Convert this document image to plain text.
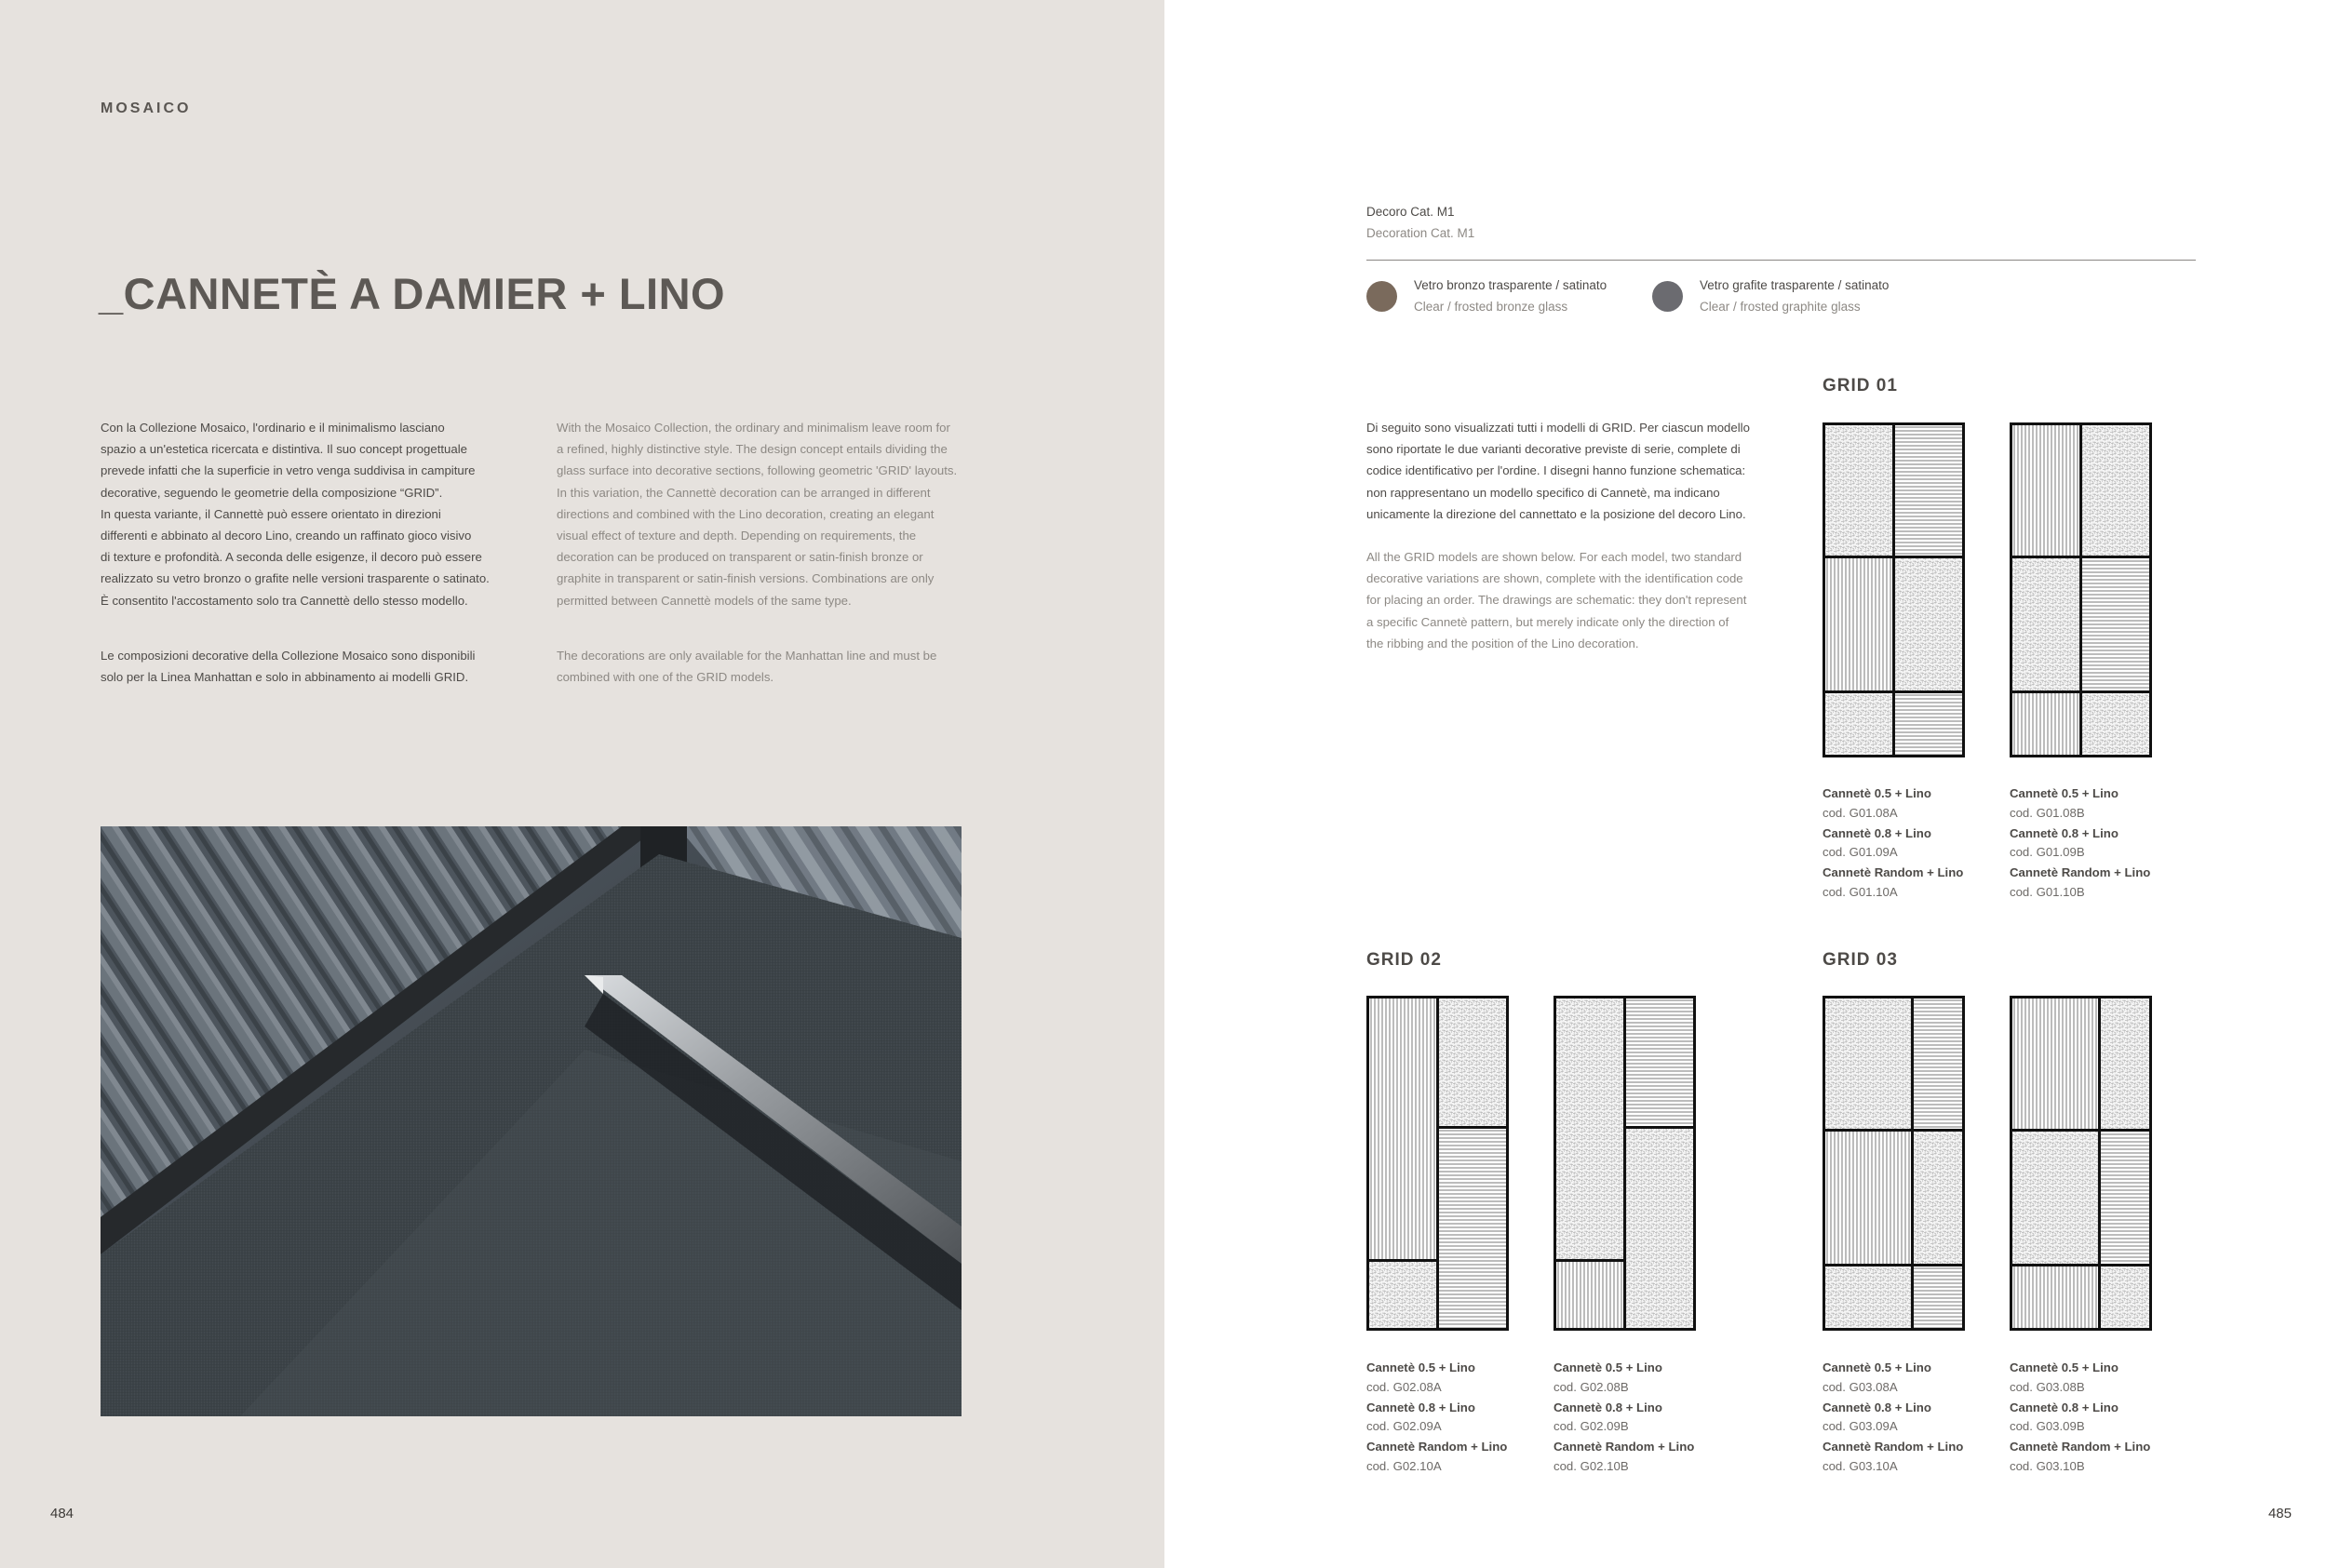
MOSAICO
_CANNETÈ A DAMIER + LINO

Con la Collezione Mosaico, l'ordinario e il minimalismo lasciano
spazio a un'estetica ricercata e distintiva. Il suo concept progettuale
prevede infatti che la superficie in vetro venga suddivisa in campiture
decorative, seguendo le geometrie della composizione “GRID”.
In questa variante, il Cannettè può essere orientato in direzioni
differenti e abbinato al decoro Lino, creando un raffinato gioco visivo
di texture e profondità. A seconda delle esigenze, il decoro può essere
realizzato su vetro bronzo o grafite nelle versioni trasparente o satinato.
È consentito l'accostamento solo tra Cannettè dello stesso modello.

Le composizioni decorative della Collezione Mosaico sono disponibili
solo per la Linea Manhattan e solo in abbinamento ai modelli GRID.

With the Mosaico Collection, the ordinary and minimalism leave room for
a refined, highly distinctive style. The design concept entails dividing the
glass surface into decorative sections, following geometric 'GRID' layouts.
In this variation, the Cannettè decoration can be arranged in different
directions and combined with the Lino decoration, creating an elegant
visual effect of texture and depth. Depending on requirements, the
decoration can be produced on transparent or satin-finish bronze or
graphite in transparent or satin-finish versions. Combinations are only
permitted between Cannettè models of the same type.

The decorations are only available for the Manhattan line and must be
combined with one of the GRID models.

484
Decoro Cat. M1
Decoration Cat. M1
Vetro bronzo trasparente / satinato
Clear / frosted bronze glass
Vetro grafite trasparente / satinato
Clear / frosted graphite glass
Di seguito sono visualizzati tutti i modelli di GRID. Per ciascun modello
sono riportate le due varianti decorative previste di serie, complete di
codice identificativo per l'ordine. I disegni hanno funzione schematica:
non rappresentano un modello specifico di Cannetè, ma indicano
unicamente la direzione del cannettato e la posizione del decoro Lino.
All the GRID models are shown below. For each model, two standard
decorative variations are shown, complete with the identification code
for placing an order. The drawings are schematic: they don't represent
a specific Cannetè pattern, but merely indicate only the direction of
the ribbing and the position of the Lino decoration.
GRID 01
GRID 02	GRID 03
Cannetè 0.5 + Lino
cod. G01.08A
Cannetè 0.8 + Lino
cod. G01.09A
Cannetè Random + Lino
cod. G01.10A
Cannetè 0.5 + Lino
cod. G01.08B
Cannetè 0.8 + Lino
cod. G01.09B
Cannetè Random + Lino
cod. G01.10B
Cannetè 0.5 + Lino
cod. G02.08A
Cannetè 0.8 + Lino
cod. G02.09A
Cannetè Random + Lino
cod. G02.10A
Cannetè 0.5 + Lino
cod. G02.08B
Cannetè 0.8 + Lino
cod. G02.09B
Cannetè Random + Lino
cod. G02.10B
Cannetè 0.5 + Lino
cod. G03.08A
Cannetè 0.8 + Lino
cod. G03.09A
Cannetè Random + Lino
cod. G03.10A
Cannetè 0.5 + Lino
cod. G03.08B
Cannetè 0.8 + Lino
cod. G03.09B
Cannetè Random + Lino
cod. G03.10B
485
